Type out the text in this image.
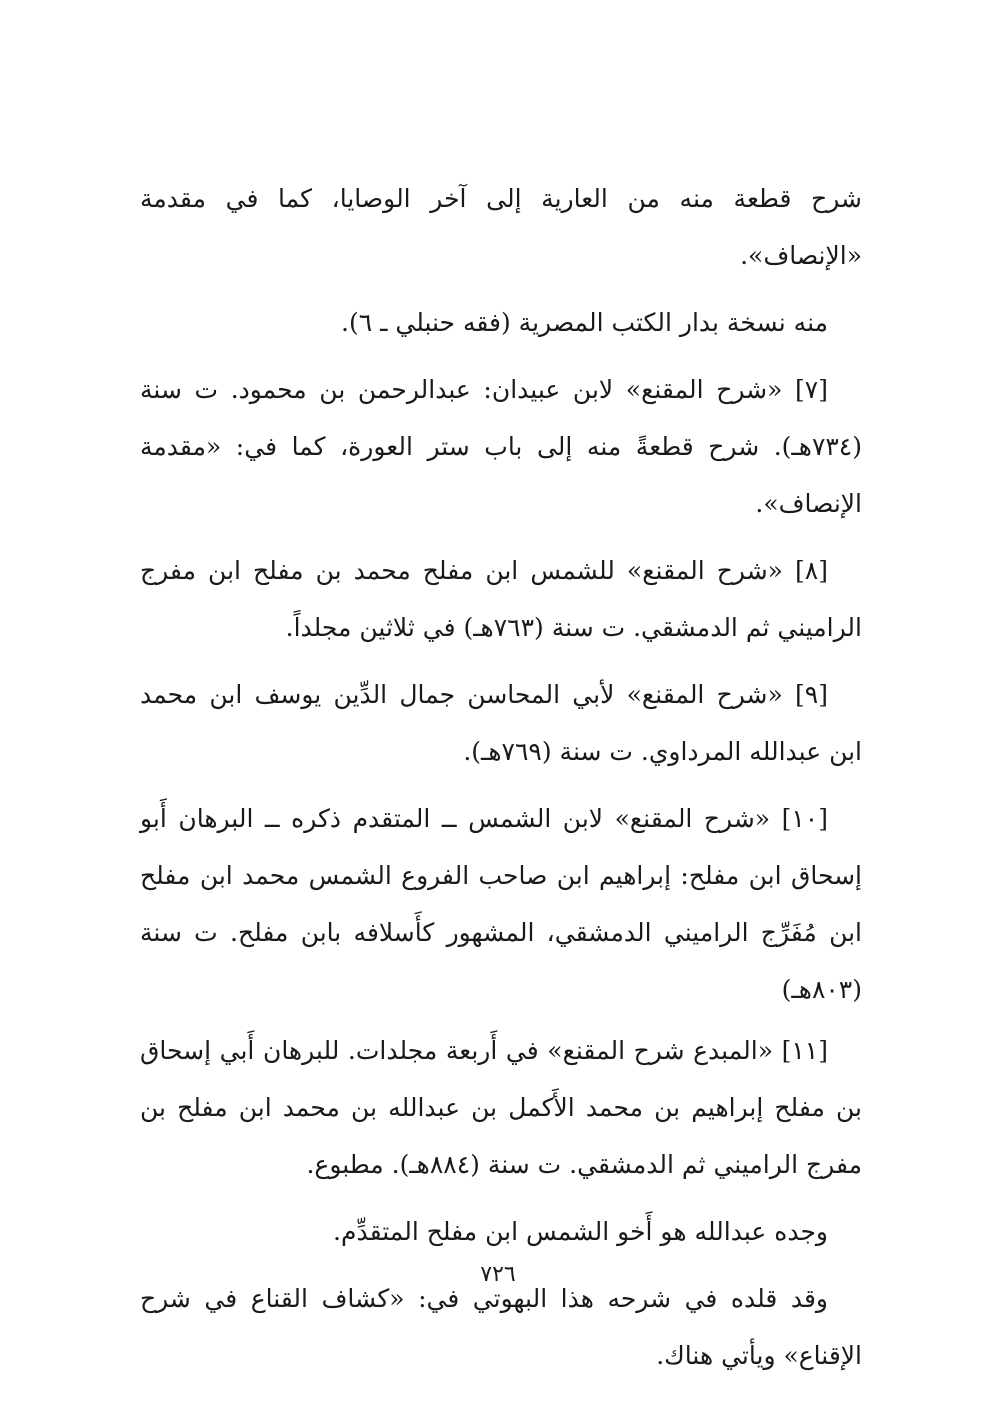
شرح قطعة منه من العارية إلى آخر الوصايا، كما في مقدمة «الإنصاف».

منه نسخة بدار الكتب المصرية (فقه حنبلي ـ ٦).

[٧] «شرح المقنع» لابن عبيدان: عبدالرحمن بن محمود. ت سنة (٧٣٤هـ). شرح قطعةً منه إلى باب ستر العورة، كما في: «مقدمة الإنصاف».

[٨] «شرح المقنع» للشمس ابن مفلح محمد بن مفلح ابن مفرج الراميني ثم الدمشقي. ت سنة (٧٦٣هـ) في ثلاثين مجلداً.

[٩] «شرح المقنع» لأبي المحاسن جمال الدِّين يوسف ابن محمد ابن عبدالله المرداوي. ت سنة (٧٦٩هـ).

[١٠] «شرح المقنع» لابن الشمس ــ المتقدم ذكره ــ البرهان أَبو إسحاق ابن مفلح: إبراهيم ابن صاحب الفروع الشمس محمد ابن مفلح ابن مُفَرِّج الراميني الدمشقي، المشهور كأَسلافه بابن مفلح. ت سنة (٨٠٣هـ)

[١١] «المبدع شرح المقنع» في أَربعة مجلدات. للبرهان أَبي إسحاق بن مفلح إبراهيم بن محمد الأَكمل بن عبدالله بن محمد ابن مفلح بن مفرج الراميني ثم الدمشقي. ت سنة (٨٨٤هـ). مطبوع.

وجده عبدالله هو أَخو الشمس ابن مفلح المتقدِّم.

وقد قلده في شرحه هذا البهوتي في: «كشاف القناع في شرح الإقناع» ويأتي هناك.

٧٢٦
